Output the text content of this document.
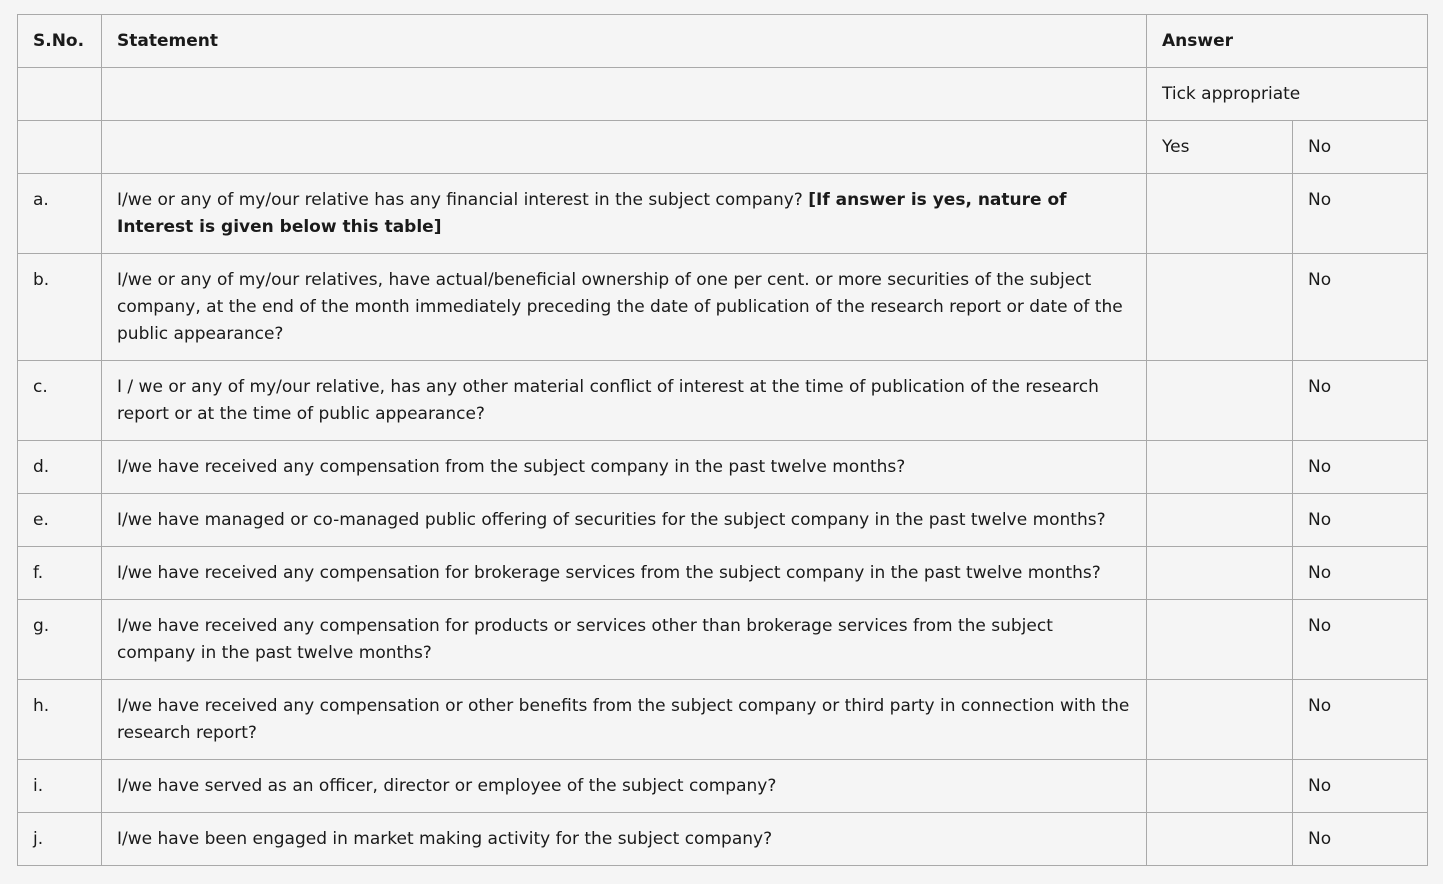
S.No.	Statement	Answer	
		Tick appropriate	
		Yes	No
a.	I/we or any of my/our relative has any financial interest in the subject company? [If answer is yes, nature of Interest is given below this table]		No
b.	I/we or any of my/our relatives, have actual/beneficial ownership of one per cent. or more securities of the subject company, at the end of the month immediately preceding the date of publication of the research report or date of the public appearance?		No
c.	I / we or any of my/our relative, has any other material conflict of interest at the time of publication of the research report or at the time of public appearance?		No
d.	I/we have received any compensation from the subject company in the past twelve months?		No
e.	I/we have managed or co-managed public offering of securities for the subject company in the past twelve months?		No
f.	I/we have received any compensation for brokerage services from the subject company in the past twelve months?		No
g.	I/we have received any compensation for products or services other than brokerage services from the subject company in the past twelve months?		No
h.	I/we have received any compensation or other benefits from the subject company or third party in connection with the research report?		No
i.	I/we have served as an officer, director or employee of the subject company?		No
j.	I/we have been engaged in market making activity for the subject company?		No
